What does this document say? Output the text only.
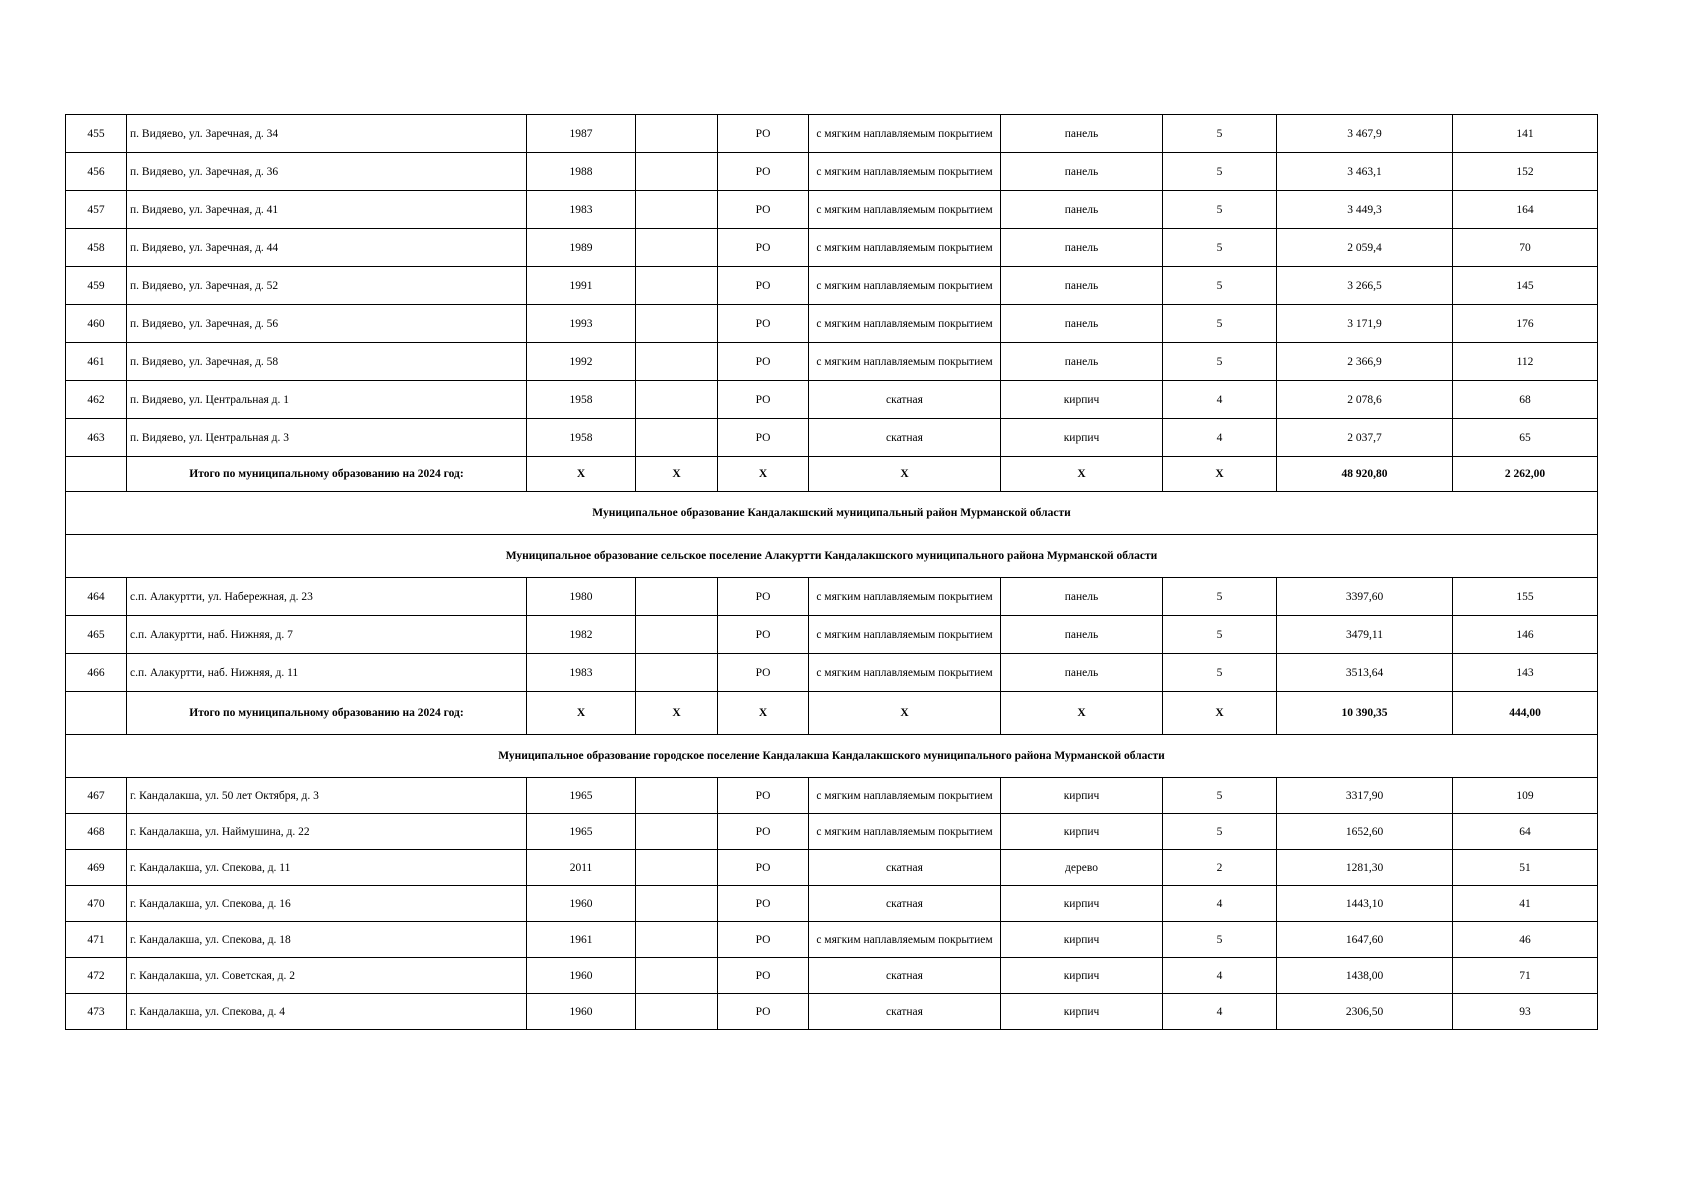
455	п. Видяево, ул. Заречная, д. 34	1987		РО	с мягким наплавляемым покрытием	панель	5	3 467,9	141
456	п. Видяево, ул. Заречная, д. 36	1988		РО	с мягким наплавляемым покрытием	панель	5	3 463,1	152
457	п. Видяево, ул. Заречная, д. 41	1983		РО	с мягким наплавляемым покрытием	панель	5	3 449,3	164
458	п. Видяево, ул. Заречная, д. 44	1989		РО	с мягким наплавляемым покрытием	панель	5	2 059,4	70
459	п. Видяево, ул. Заречная, д. 52	1991		РО	с мягким наплавляемым покрытием	панель	5	3 266,5	145
460	п. Видяево, ул. Заречная, д. 56	1993		РО	с мягким наплавляемым покрытием	панель	5	3 171,9	176
461	п. Видяево, ул. Заречная, д. 58	1992		РО	с мягким наплавляемым покрытием	панель	5	2 366,9	112
462	п. Видяево, ул. Центральная д. 1	1958		РО	скатная	кирпич	4	2 078,6	68
463	п. Видяево, ул. Центральная д. 3	1958		РО	скатная	кирпич	4	2 037,7	65
	Итого по муниципальному образованию на 2024 год:	X	X	X	X	X	X	48 920,80	2 262,00
Муниципальное образование Кандалакшский муниципальный район Мурманской области									
Муниципальное образование сельское поселение Алакуртти Кандалакшского муниципального района Мурманской области									
464	с.п. Алакуртти, ул. Набережная, д. 23	1980		РО	с мягким наплавляемым покрытием	панель	5	3397,60	155
465	с.п. Алакуртти, наб. Нижняя, д. 7	1982		РО	с мягким наплавляемым покрытием	панель	5	3479,11	146
466	с.п. Алакуртти, наб. Нижняя, д. 11	1983		РО	с мягким наплавляемым покрытием	панель	5	3513,64	143
	Итого по муниципальному образованию на 2024 год:	X	X	X	X	X	X	10 390,35	444,00
Муниципальное образование городское поселение Кандалакша Кандалакшского муниципального района Мурманской области									
467	г. Кандалакша, ул. 50 лет Октября, д. 3	1965		РО	с мягким наплавляемым покрытием	кирпич	5	3317,90	109
468	г. Кандалакша, ул. Наймушина, д. 22	1965		РО	с мягким наплавляемым покрытием	кирпич	5	1652,60	64
469	г. Кандалакша, ул. Спекова, д. 11	2011		РО	скатная	дерево	2	1281,30	51
470	г. Кандалакша, ул. Спекова, д. 16	1960		РО	скатная	кирпич	4	1443,10	41
471	г. Кандалакша, ул. Спекова, д. 18	1961		РО	с мягким наплавляемым покрытием	кирпич	5	1647,60	46
472	г. Кандалакша, ул. Советская, д. 2	1960		РО	скатная	кирпич	4	1438,00	71
473	г. Кандалакша, ул. Спекова, д. 4	1960		РО	скатная	кирпич	4	2306,50	93
